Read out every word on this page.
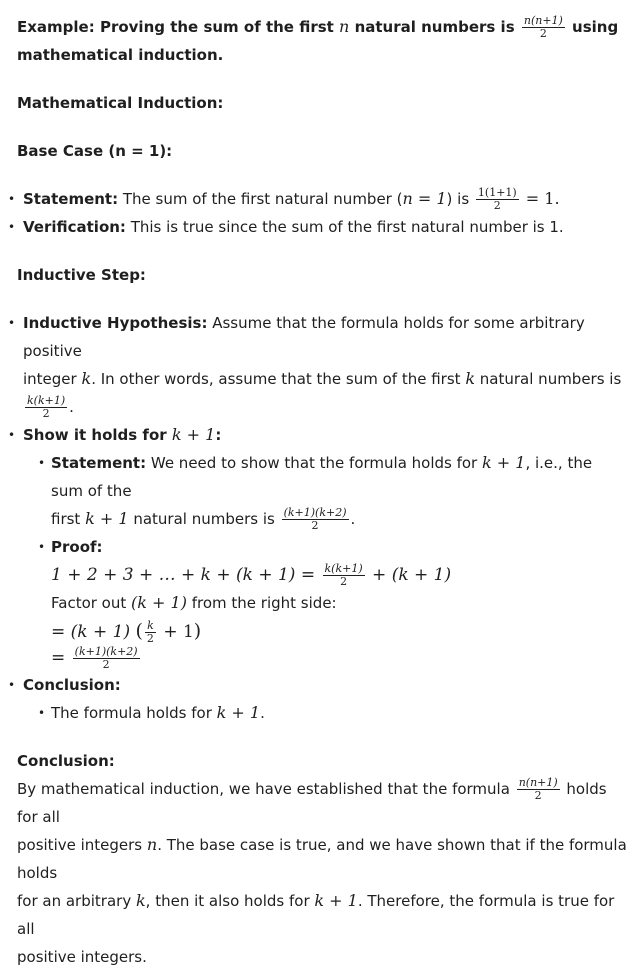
Example: Proving the sum of the first n natural numbers is $\frac{n(n+1)}{2}$ using
mathematical induction.
Mathematical Induction:
Base Case (n = 1):
• Statement: The sum of the first natural number (n = 1) is $\frac{1(1+1)}{2} = 1$.
• Verification: This is true since the sum of the first natural number is 1.
Inductive Step:
• Inductive Hypothesis: Assume that the formula holds for some arbitrary positive
integer k. In other words, assume that the sum of the first k natural numbers is
$\frac{k(k+1)}{2}$ .
• Show it holds for k + 1:
• Statement: We need to show that the formula holds for k + 1, i.e., the sum of the
first k + 1 natural numbers is $\frac{(k+1)(k+2)}{2}$ .
• Proof:
1 + 2 + 3 + … + $k + (k + 1) = \frac{k(k+1)}{2} + (k + 1)$
Factor out (k + 1) from the right side:
= (k + 1) ( $\frac{k}{2} + 1$)
= $\frac{(k+1)(k+2)}{2}$
• Conclusion:
• The formula holds for k + 1.
Conclusion:
By mathematical induction, we have established that the formula $\frac{n(n+1)}{2}$ holds for all
positive integers n. The base case is true, and we have shown that if the formula holds
for an arbitrary k, then it also holds for k + 1. Therefore, the formula is true for all
positive integers.
